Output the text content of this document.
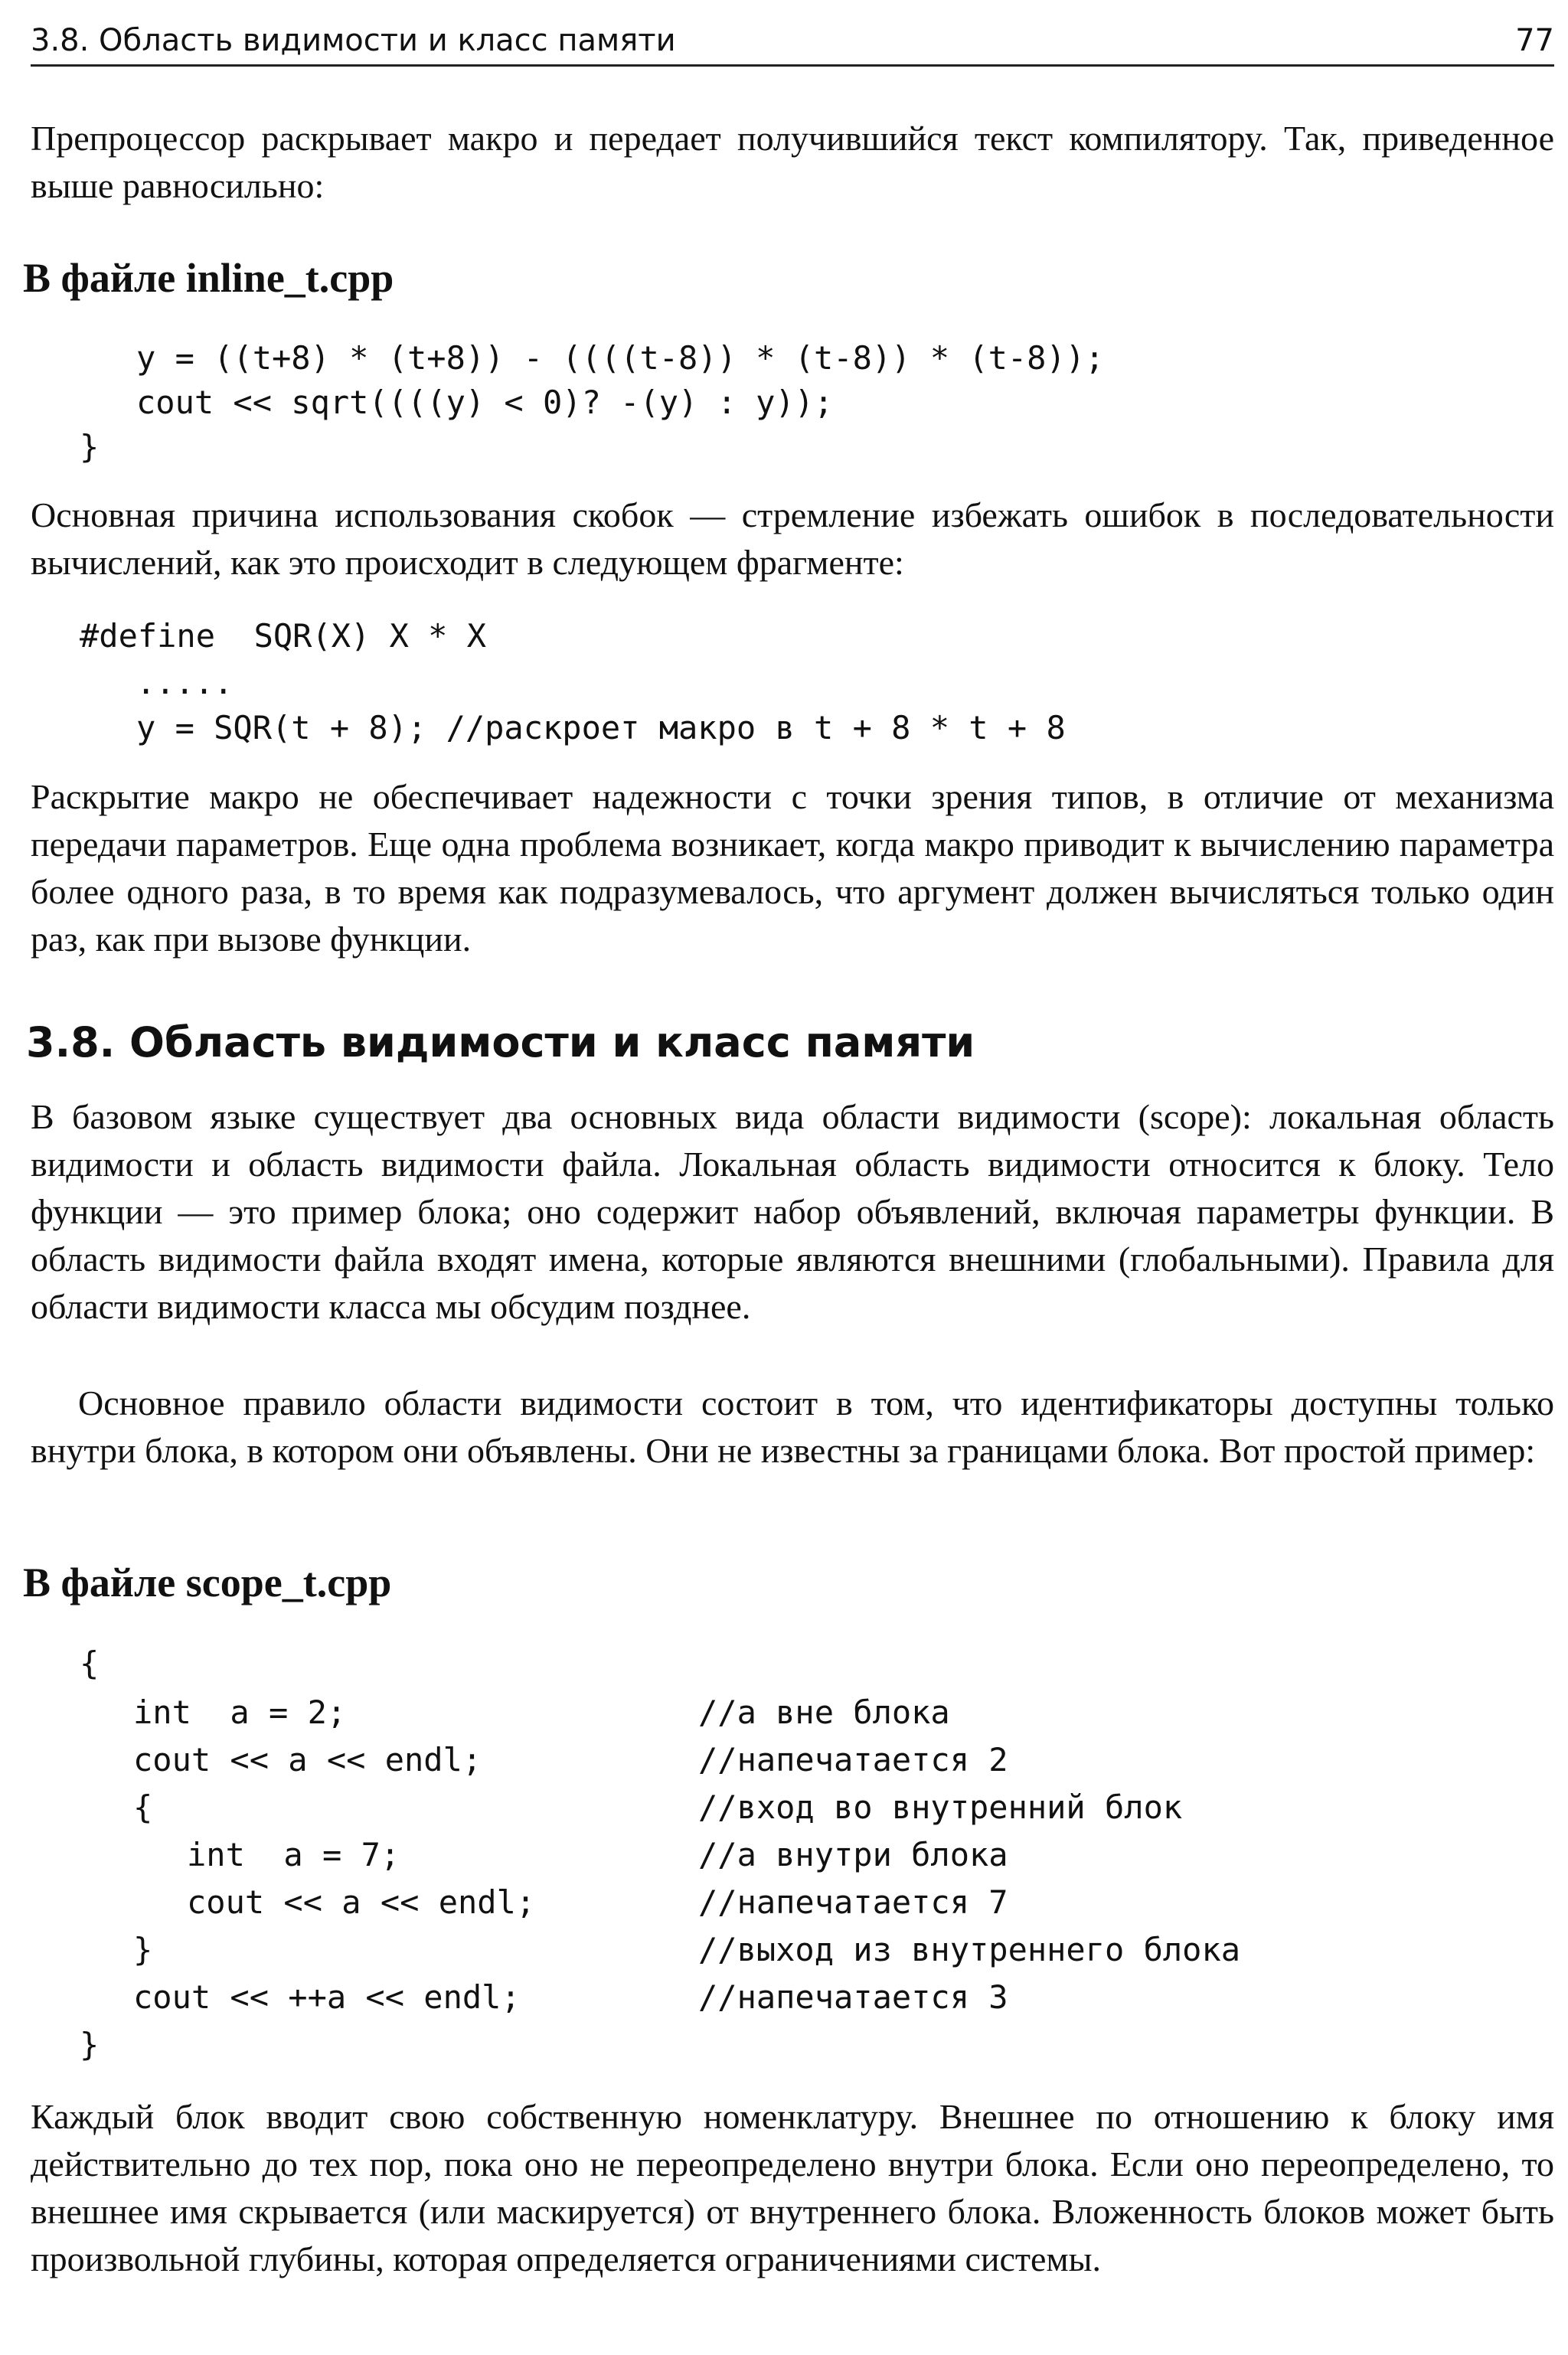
3.8. Область видимости и класс памяти	77

Препроцессор раскрывает макро и передает получившийся текст компилятору. Так, приведенное выше равносильно:

В файле inline_t.cpp
y = ((t+8) * (t+8)) - ((((t-8)) * (t-8)) * (t-8));
cout << sqrt((((y) < 0)? -(y) : y));
}

Основная причина использования скобок — стремление избежать ошибок в последовательности вычислений, как это происходит в следующем фрагменте:

#define  SQR(X) X * X
.....
y = SQR(t + 8); //раскроет макро в t + 8 * t + 8

Раскрытие макро не обеспечивает надежности с точки зрения типов, в отличие от механизма передачи параметров. Еще одна проблема возникает, когда макро приводит к вычислению параметра более одного раза, в то время как подразумевалось, что аргумент должен вычисляться только один раз, как при вызове функции.

3.8. Область видимости и класс памяти

В базовом языке существует два основных вида области видимости (scope): локальная область видимости и область видимости файла. Локальная область видимости относится к блоку. Тело функции — это пример блока; оно содержит набор объявлений, включая параметры функции. В область видимости файла входят имена, которые являются внешними (глобальными). Правила для области видимости класса мы обсудим позднее.

Основное правило области видимости состоит в том, что идентификаторы доступны только внутри блока, в котором они объявлены. Они не известны за границами блока. Вот простой пример:

В файле scope_t.cpp
{
int  a = 2;
cout << a << endl;
{
int  a = 7;
cout << a << endl;
}
cout << ++a << endl;
}
//а вне блока
//напечатается 2
//вход во внутренний блок
//а внутри блока
//напечатается 7
//выход из внутреннего блока
//напечатается 3

Каждый блок вводит свою собственную номенклатуру. Внешнее по отношению к блоку имя действительно до тех пор, пока оно не переопределено внутри блока. Если оно переопределено, то внешнее имя скрывается (или маскируется) от внутреннего блока. Вложенность блоков может быть произвольной глубины, которая определяется ограничениями системы.
